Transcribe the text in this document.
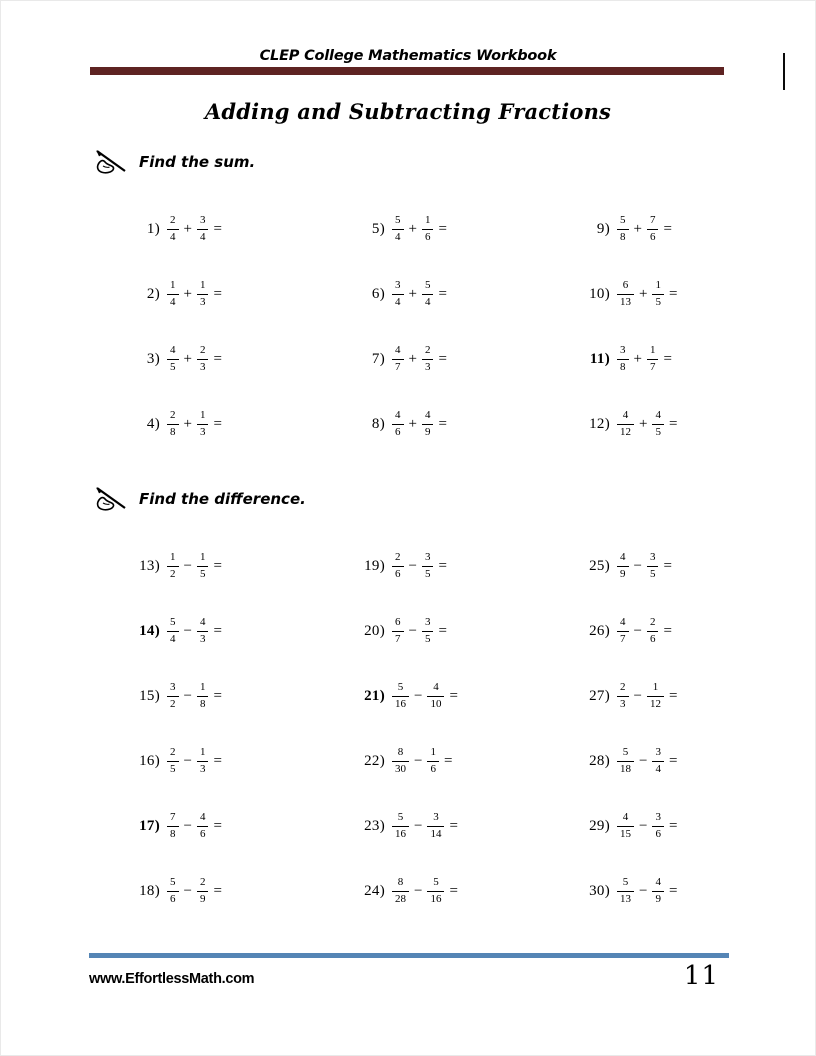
CLEP College Mathematics Workbook
Adding and Subtracting Fractions
Find the sum.
$1) \frac{2}{4} + \frac{3}{4}$ =
$2) \frac{1}{4} + \frac{1}{3}$ =
$3) \frac{4}{5} + \frac{2}{3}$ =
$4) \frac{2}{8} + \frac{1}{3}$ =
$5) \frac{5}{4} + \frac{1}{6}$ =
$6) \frac{3}{4} + \frac{5}{4}$ =
$7) \frac{4}{7} + \frac{2}{3}$ =
$8) \frac{4}{6} + \frac{4}{9}$ =
$9) \frac{5}{8} + \frac{7}{6}$ =
$10) \frac{6}{13} + \frac{1}{5}$ =
$11) \frac{3}{8} + \frac{1}{7}$ =
$12) \frac{4}{12} + \frac{4}{5}$ =
Find the difference.
$13) \frac{1}{2} - \frac{1}{5}$ =
$14) \frac{5}{4} - \frac{4}{3}$ =
$15) \frac{3}{2} - \frac{1}{8}$ =
$16) \frac{2}{5} - \frac{1}{3}$ =
$17) \frac{7}{8} - \frac{4}{6}$ =
$18) \frac{5}{6} - \frac{2}{9}$ =
$19) \frac{2}{6} - \frac{3}{5}$ =
$20) \frac{6}{7} - \frac{3}{5}$ =
$21) \frac{5}{16} - \frac{4}{10}$ =
$22) \frac{8}{30} - \frac{1}{6}$ =
$23) \frac{5}{16} - \frac{3}{14}$ =
$24) \frac{8}{28} - \frac{5}{16}$ =
$25) \frac{4}{9} - \frac{3}{5}$ =
$26) \frac{4}{7} - \frac{2}{6}$ =
$27) \frac{2}{3} - \frac{1}{12}$ =
$28) \frac{5}{18} - \frac{3}{4}$ =
$29) \frac{4}{15} - \frac{3}{6}$ =
$30) \frac{5}{13} - \frac{4}{9}$ =
www.EffortlessMath.com	11
